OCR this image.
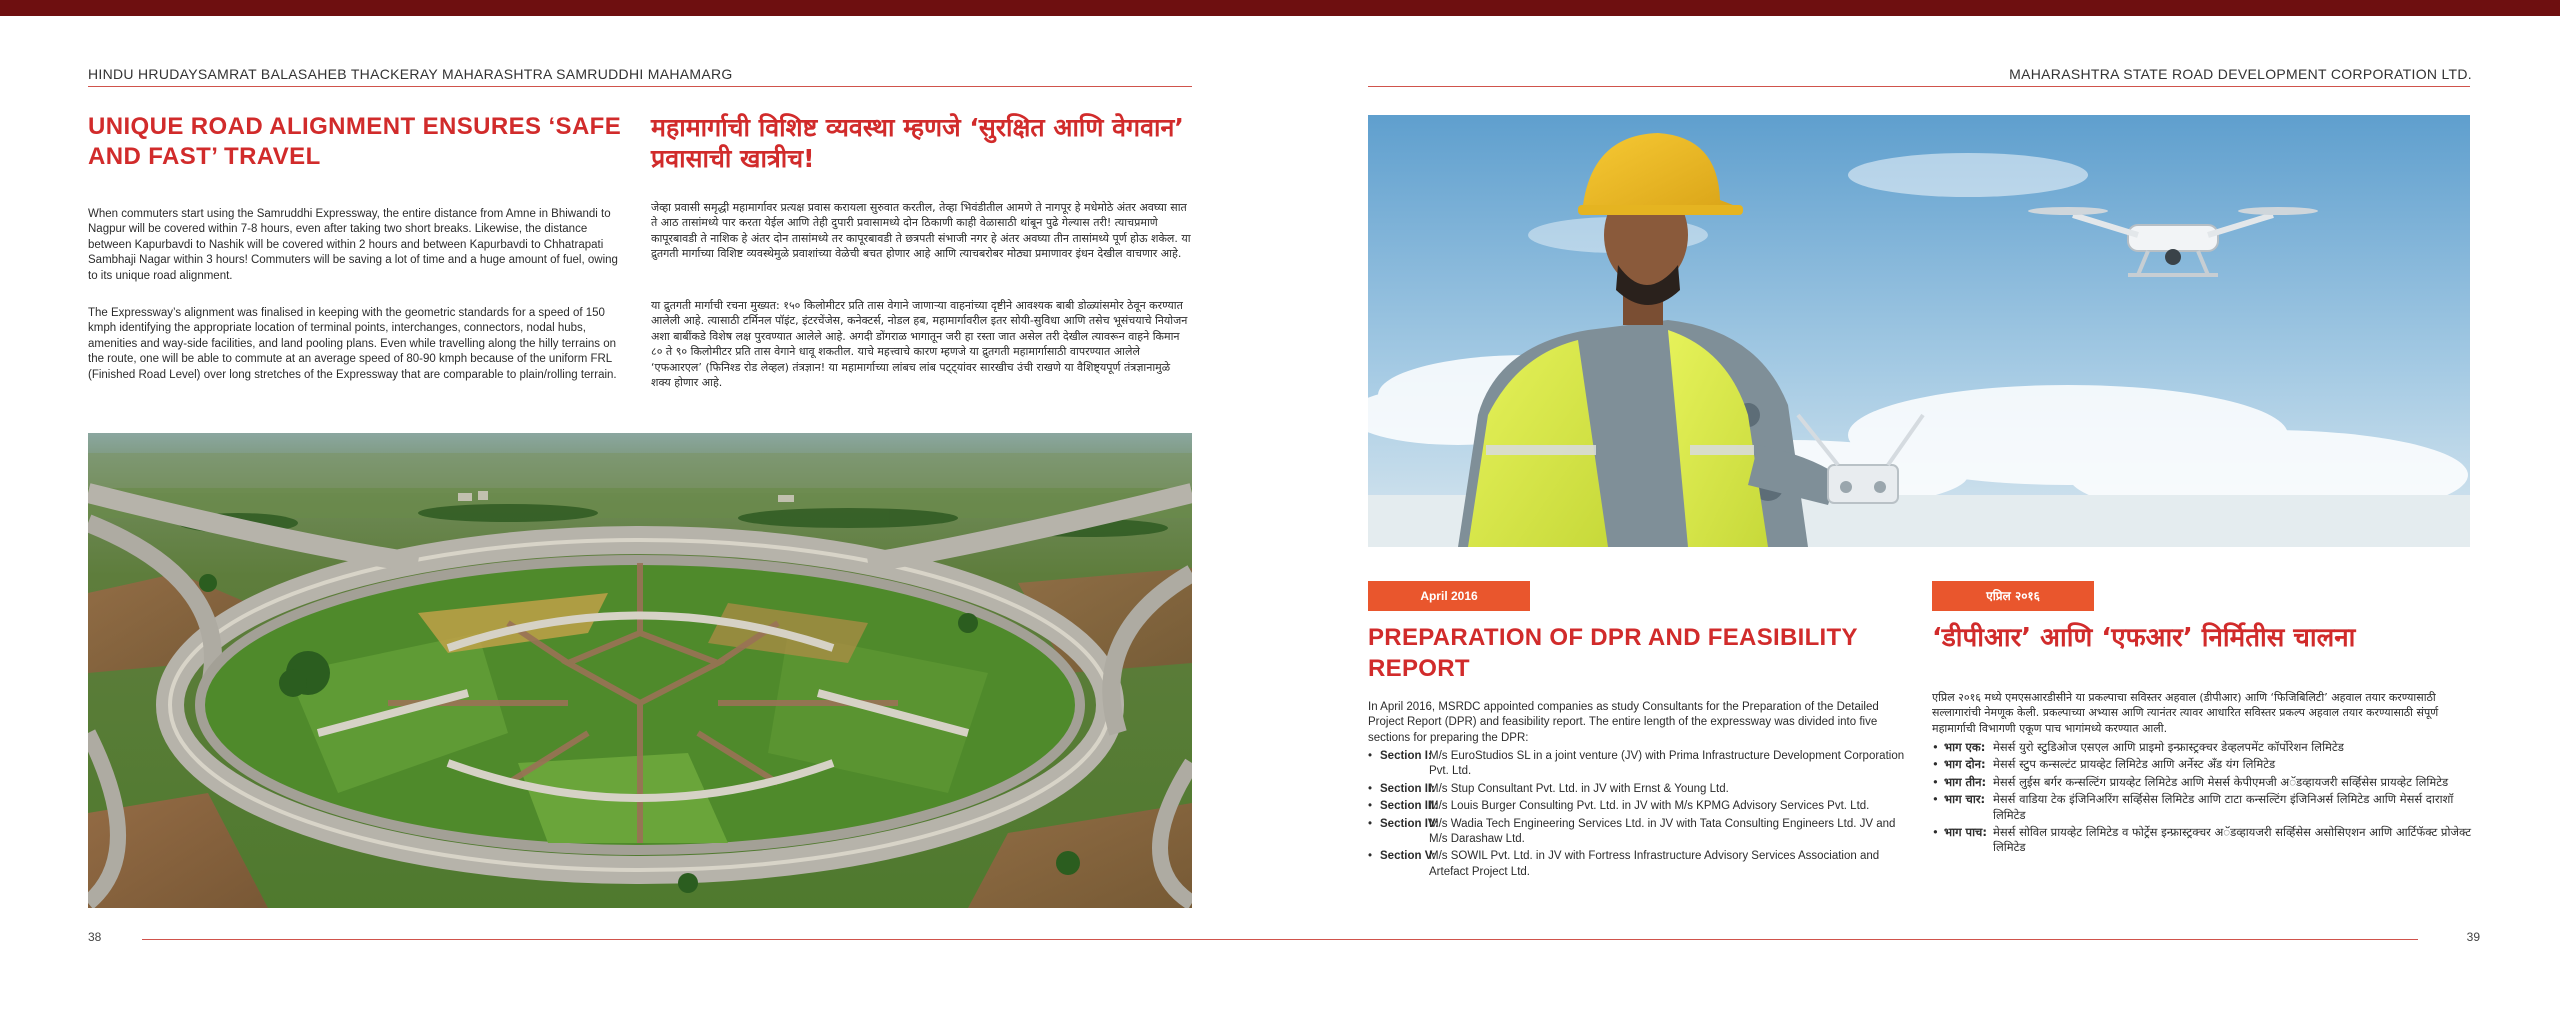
HINDU HRUDAYSAMRAT BALASAHEB THACKERAY MAHARASHTRA SAMRUDDHI MAHAMARG	MAHARASHTRA STATE ROAD DEVELOPMENT CORPORATION LTD.
UNIQUE ROAD ALIGNMENT ENSURES ‘SAFE AND FAST’ TRAVEL
महामार्गाची विशिष्ट व्यवस्था म्हणजे ‘सुरक्षित आणि वेगवान’ प्रवासाची खात्रीच!

When commuters start using the Samruddhi Expressway, the entire distance from Amne in Bhiwandi to Nagpur will be covered within 7-8 hours, even after taking two short breaks. Likewise, the distance between Kapurbavdi to Nashik will be covered within 2 hours and between Kapurbavdi to Chhatrapati Sambhaji Nagar within 3 hours! Commuters will be saving a lot of time and a huge amount of fuel, owing to its unique road alignment.

The Expressway’s alignment was finalised in keeping with the geometric standards for a speed of 150 kmph identifying the appropriate location of terminal points, interchanges, connectors, nodal hubs, amenities and way-side facilities, and land pooling plans. Even while travelling along the hilly terrains on the route, one will be able to commute at an average speed of 80-90 kmph because of the uniform FRL (Finished Road Level) over long stretches of the Expressway that are comparable to plain/rolling terrain.

जेव्हा प्रवासी समृद्धी महामार्गावर प्रत्यक्ष प्रवास करायला सुरुवात करतील, तेव्हा भिवंडीतील आमणे ते नागपूर हे मधेमोठे अंतर अवघ्या सात ते आठ तासांमध्ये पार करता येईल आणि तेही दुपारी प्रवासामध्ये दोन ठिकाणी काही वेळासाठी थांबून पुढे गेल्यास तरी! त्याचप्रमाणे कापूरबावडी ते नाशिक हे अंतर दोन तासांमध्ये तर कापूरबावडी ते छत्रपती संभाजी नगर हे अंतर अवघ्या तीन तासांमध्ये पूर्ण होऊ शकेल. या द्रुतगती मार्गाच्या विशिष्ट व्यवस्थेमुळे प्रवाशांच्या वेळेची बचत होणार आहे आणि त्याचबरोबर मोठ्या प्रमाणावर इंधन देखील वाचणार आहे.

या द्रुतगती मार्गाची रचना मुख्यत: १५० किलोमीटर प्रति तास वेगाने जाणाऱ्या वाहनांच्या दृष्टीने आवश्यक बाबी डोळ्यांसमोर ठेवून करण्यात आलेली आहे. त्यासाठी टर्मिनल पॉइंट, इंटरचेंजेस, कनेक्टर्स, नोडल हब, महामार्गावरील इतर सोयी-सुविधा आणि तसेच भूसंचयाचे नियोजन अशा बाबींकडे विशेष लक्ष पुरवण्यात आलेले आहे. अगदी डोंगराळ भागातून जरी हा रस्ता जात असेल तरी देखील त्यावरून वाहने किमान ८० ते ९० किलोमीटर प्रति तास वेगाने धावू शकतील. याचे महत्त्वाचे कारण म्हणजे या द्रुतगती महामार्गासाठी वापरण्यात आलेले ‘एफआरएल’ (फिनिश्ड रोड लेव्हल) तंत्रज्ञान! या महामार्गाच्या लांबच लांब पट्ट्यांवर सारखीच उंची राखणे या वैशिष्ट्यपूर्ण तंत्रज्ञानामुळे शक्य होणार आहे.

April 2016	एप्रिल २०१६
PREPARATION OF DPR AND FEASIBILITY REPORT
‘डीपीआर’ आणि ‘एफआर’ निर्मितीस चालना

In April 2016, MSRDC appointed companies as study Consultants for the Preparation of the Detailed Project Report (DPR) and feasibility report. The entire length of the expressway was divided into five sections for preparing the DPR:

• Section I:
M/s EuroStudios SL in a joint venture (JV) with Prima Infrastructure Development Corporation Pvt. Ltd.
• Section II:
M/s Stup Consultant Pvt. Ltd. in JV with Ernst & Young Ltd.
• Section III:
M/s Louis Burger Consulting Pvt. Ltd. in JV with M/s KPMG Advisory Services Pvt. Ltd.
• Section IV:
M/s Wadia Tech Engineering Services Ltd. in JV with Tata Consulting Engineers Ltd. JV and M/s Darashaw Ltd.
• Section V:
M/s SOWIL Pvt. Ltd. in JV with Fortress Infrastructure Advisory Services Association and Artefact Project Ltd.

एप्रिल २०१६ मध्ये एमएसआरडीसीने या प्रकल्पाचा सविस्तर अहवाल (डीपीआर) आणि ‘फिजिबिलिटी’ अहवाल तयार करण्यासाठी सल्लागारांची नेमणूक केली. प्रकल्पाच्या अभ्यास आणि त्यानंतर त्यावर आधारित सविस्तर प्रकल्प अहवाल तयार करण्यासाठी संपूर्ण महामार्गाची विभागणी एकूण पाच भागांमध्ये करण्यात आली.

• भाग एक: मेसर्स युरो स्टुडिओज एसएल आणि प्राइमो इन्फ्रास्ट्रक्चर डेव्हलपमेंट कॉर्पोरेशन लिमिटेड
• भाग दोन: मेसर्स स्टुप कन्सल्टंट प्रायव्हेट लिमिटेड आणि अर्नेस्ट अँड यंग लिमिटेड
• भाग तीन: मेसर्स लुईस बर्गर कन्सल्टिंग प्रायव्हेट लिमिटेड आणि मेसर्स केपीएमजी अॅडव्हायजरी सर्व्हिसेस प्रायव्हेट लिमिटेड
• भाग चार: मेसर्स वाडिया टेक इंजिनिअरिंग सर्व्हिसेस लिमिटेड आणि टाटा कन्सल्टिंग इंजिनिअर्स लिमिटेड आणि मेसर्स दाराशॉ लिमिटेड
• भाग पाच: मेसर्स सोविल प्रायव्हेट लिमिटेड व फोर्ट्रेस इन्फ्रास्ट्रक्चर अॅडव्हायजरी सर्व्हिसेस असोसिएशन आणि आर्टिफॅक्ट प्रोजेक्ट लिमिटेड
38	39
